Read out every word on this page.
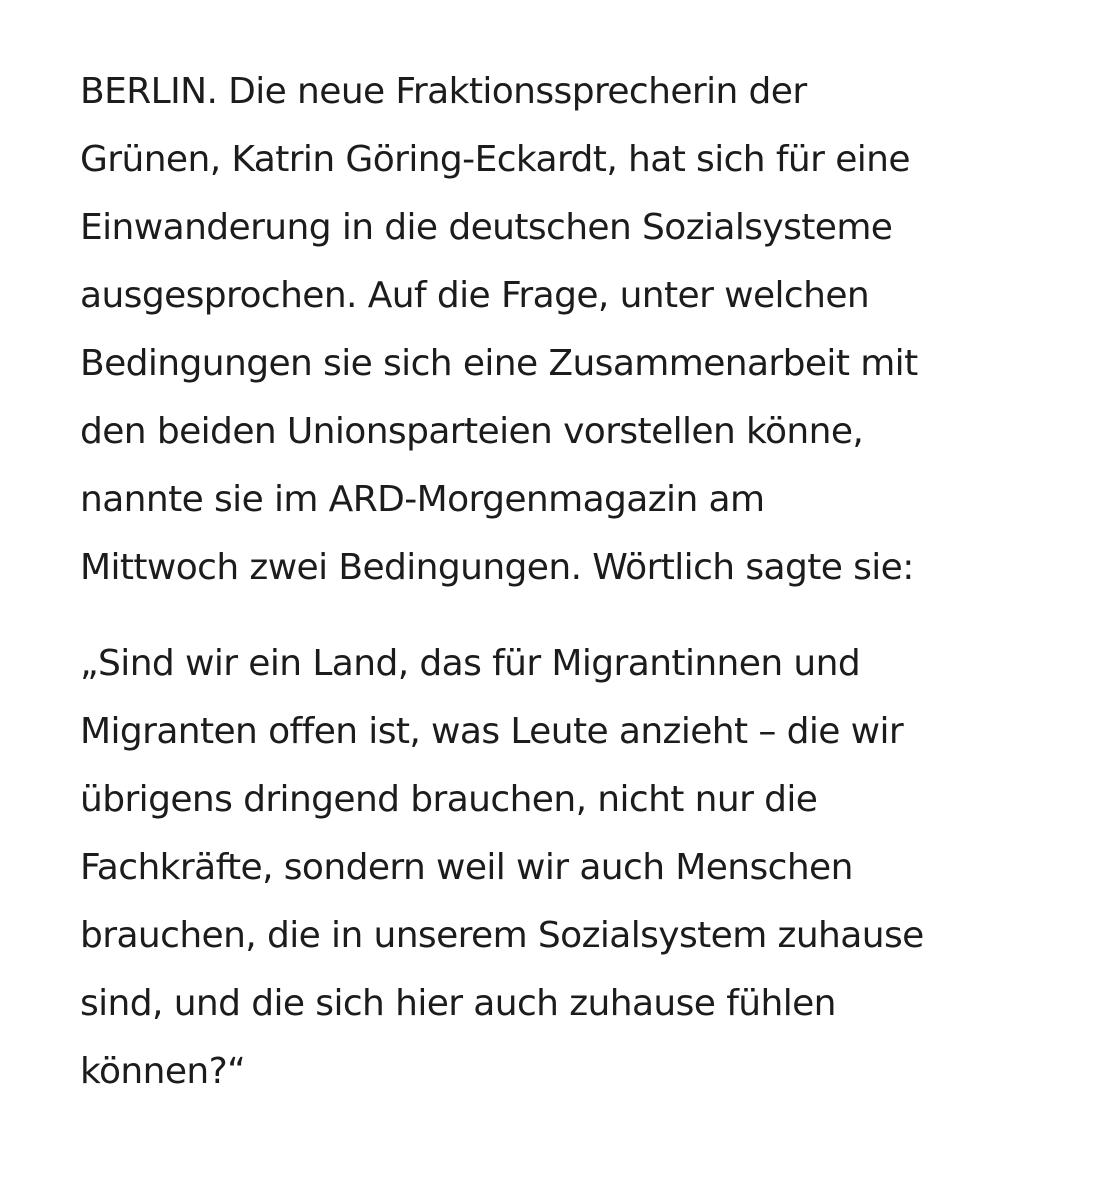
BERLIN. Die neue Fraktionssprecherin der
Grünen, Katrin Göring-Eckardt, hat sich für eine
Einwanderung in die deutschen Sozialsysteme
ausgesprochen. Auf die Frage, unter welchen
Bedingungen sie sich eine Zusammenarbeit mit
den beiden Unionsparteien vorstellen könne,
nannte sie im ARD-Morgenmagazin am
Mittwoch zwei Bedingungen. Wörtlich sagte sie:

„Sind wir ein Land, das für Migrantinnen und
Migranten offen ist, was Leute anzieht – die wir
übrigens dringend brauchen, nicht nur die
Fachkräfte, sondern weil wir auch Menschen
brauchen, die in unserem Sozialsystem zuhause
sind, und die sich hier auch zuhause fühlen
können?“
